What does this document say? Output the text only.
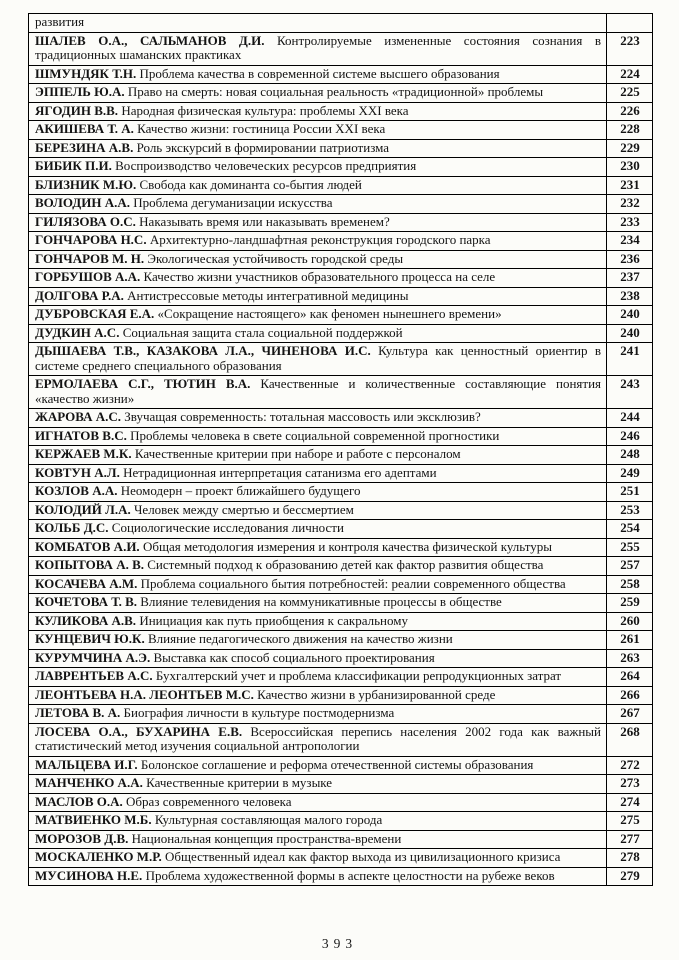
развития	
ШАЛЕВ О.А., САЛЬМАНОВ Д.И. Контролируемые измененные состояния сознания в традиционных шаманских практиках	223
ШМУНДЯК Т.Н. Проблема качества в современной системе высшего образования	224
ЭППЕЛЬ Ю.А. Право на смерть: новая социальная реальность «традиционной» проблемы	225
ЯГОДИН В.В. Народная физическая культура: проблемы XXI века	226
АКИШЕВА Т. А. Качество жизни: гостиница России XXI века	228
БЕРЕЗИНА А.В. Роль экскурсий в формировании патриотизма	229
БИБИК П.И. Воспроизводство человеческих ресурсов предприятия	230
БЛИЗНИК М.Ю. Свобода как доминанта со-бытия людей	231
ВОЛОДИН А.А. Проблема дегуманизации искусства	232
ГИЛЯЗОВА О.С. Наказывать время или наказывать временем?	233
ГОНЧАРОВА Н.С. Архитектурно-ландшафтная реконструкция городского парка	234
ГОНЧАРОВ М. Н. Экологическая устойчивость городской среды	236
ГОРБУШОВ А.А. Качество жизни участников образовательного процесса на селе	237
ДОЛГОВА Р.А. Антистрессовые методы интегративной медицины	238
ДУБРОВСКАЯ Е.А. «Сокращение настоящего» как феномен нынешнего времени»	240
ДУДКИН А.С. Социальная защита стала социальной поддержкой	240
ДЫШАЕВА Т.В., КАЗАКОВА Л.А., ЧИНЕНОВА И.С. Культура как ценностный ориентир в системе среднего специального образования	241
ЕРМОЛАЕВА С.Г., ТЮТИН В.А. Качественные и количественные составляющие понятия «качество жизни»	243
ЖАРОВА А.С. Звучащая современность: тотальная массовость или эксклюзив?	244
ИГНАТОВ В.С. Проблемы человека в свете социальной современной прогностики	246
КЕРЖАЕВ М.К. Качественные критерии при наборе и работе с персоналом	248
КОВТУН А.Л. Нетрадиционная интерпретация сатанизма его адептами	249
КОЗЛОВ А.А. Неомодерн – проект ближайшего будущего	251
КОЛОДИЙ Л.А. Человек между смертью и бессмертием	253
КОЛЬБ Д.С. Социологические исследования личности	254
КОМБАТОВ А.И. Общая методология измерения и контроля качества физической культуры	255
КОПЫТОВА А. В. Системный подход к образованию детей как фактор развития общества	257
КОСАЧЕВА А.М. Проблема социального бытия потребностей: реалии современного общества	258
КОЧЕТОВА Т. В. Влияние телевидения на коммуникативные процессы в обществе	259
КУЛИКОВА А.В. Инициация как путь приобщения к сакральному	260
КУНЦЕВИЧ Ю.К. Влияние педагогического движения на качество жизни	261
КУРУМЧИНА А.Э. Выставка как способ социального проектирования	263
ЛАВРЕНТЬЕВ А.С. Бухгалтерский учет и проблема классификации репродукционных затрат	264
ЛЕОНТЬЕВА Н.А. ЛЕОНТЬЕВ М.С. Качество жизни в урбанизированной среде	266
ЛЕТОВА В. А. Биография личности в культуре постмодернизма	267
ЛОСЕВА О.А., БУХАРИНА Е.В. Всероссийская перепись населения 2002 года как важный статистический метод изучения социальной антропологии	268
МАЛЬЦЕВА И.Г. Болонское соглашение и реформа отечественной системы образования	272
МАНЧЕНКО А.А. Качественные критерии в музыке	273
МАСЛОВ О.А. Образ современного человека	274
МАТВИЕНКО М.Б. Культурная составляющая малого города	275
МОРОЗОВ Д.В. Национальная концепция пространства-времени	277
МОСКАЛЕНКО М.Р. Общественный идеал как фактор выхода из цивилизационного кризиса	278
МУСИНОВА Н.Е. Проблема художественной формы в аспекте целостности на рубеже веков	279
393
